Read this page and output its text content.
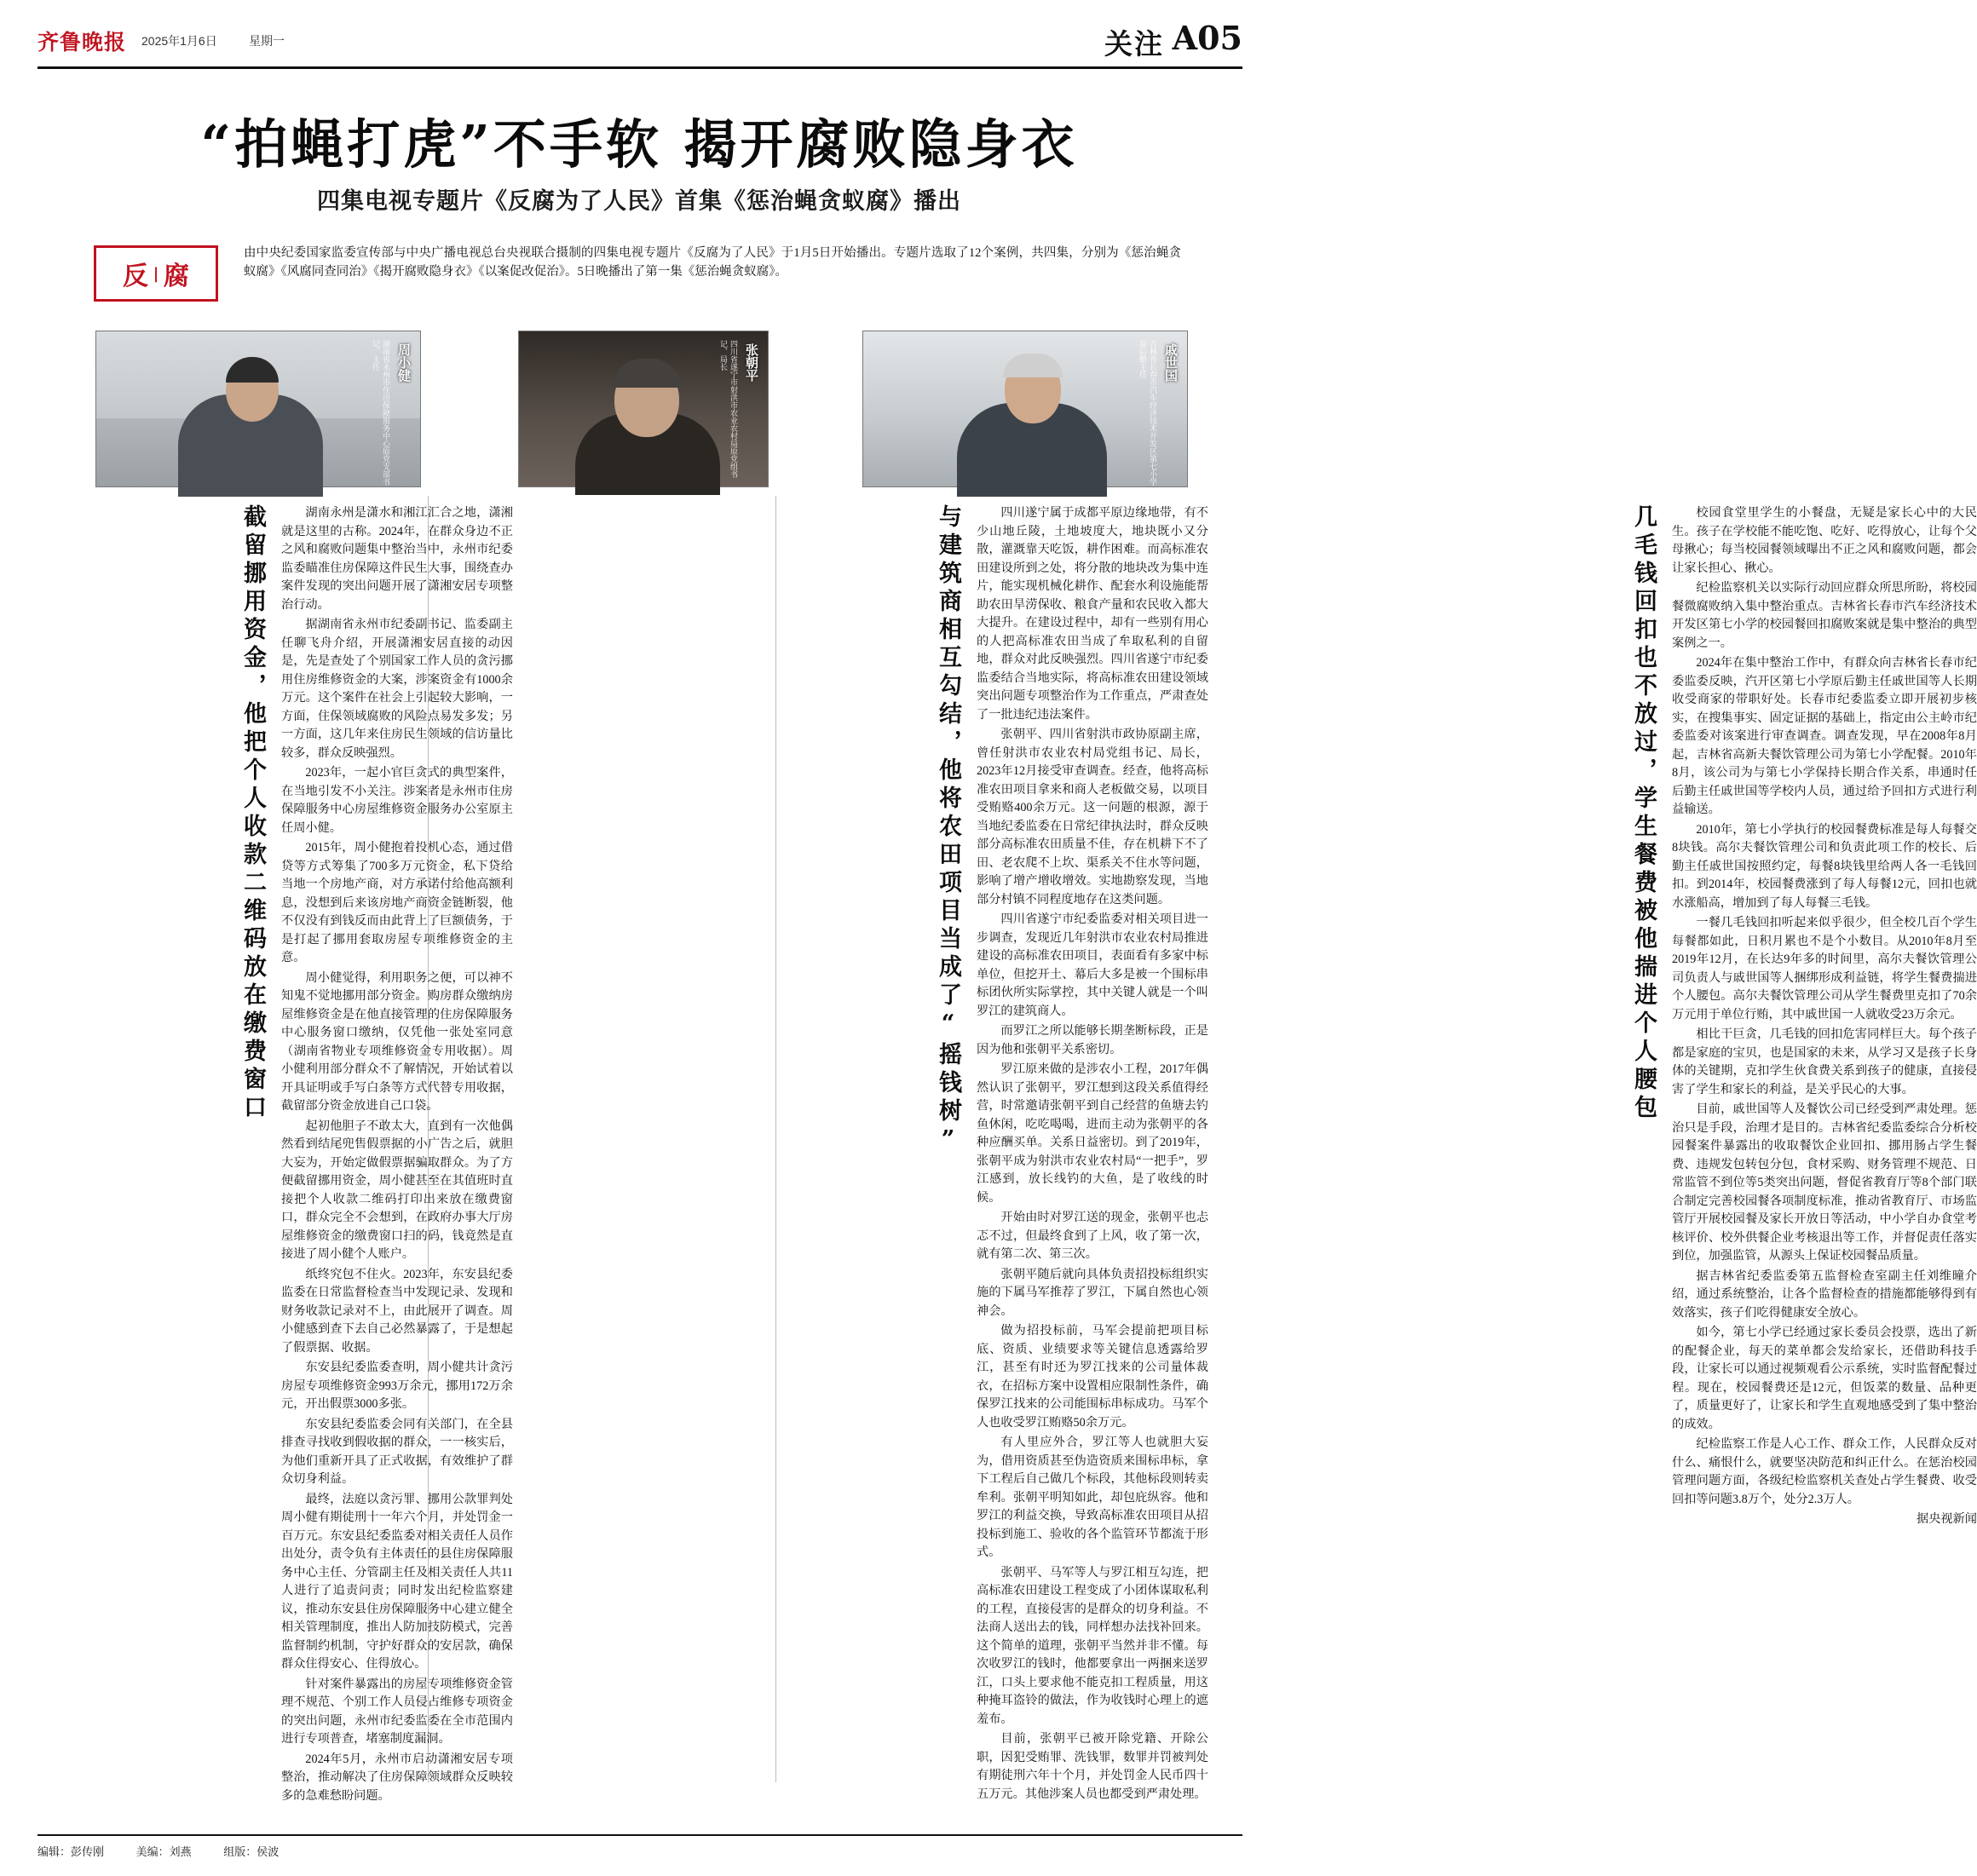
齐鲁晚报 2025年1月6日	星期一	关注 A05
“拍蝇打虎”不手软 揭开腐败隐身衣
四集电视专题片《反腐为了人民》首集《惩治蝇贪蚁腐》播出
反 | 腐
由中央纪委国家监委宣传部与中央广播电视总台央视联合摄制的四集电视专题片《反腐为了人民》于1月5日开始播出。专题片选取了12个案例，共四集，分别为《惩治蝇贪蚁腐》《风腐同查同治》《揭开腐败隐身衣》《以案促改促治》。5日晚播出了第一集《惩治蝇贪蚁腐》。
周小健
湖南省永州市住房保障服务中心原党支部书记、主任	张朝平
四川省遂宁市射洪市农业农村局原党组书记、局长	戚世国
吉林省长春市汽车经济技术开发区第七小学原后勤主任
截留挪用资金，他把个人收款二维码放在缴费窗口	湖南永州是潇水和湘江汇合之地，潇湘就是这里的古称。2024年，在群众身边不正之风和腐败问题集中整治当中，永州市纪委监委瞄准住房保障这件民生大事，围绕查办案件发现的突出问题开展了潇湘安居专项整治行动。

据湖南省永州市纪委副书记、监委副主任聊飞舟介绍，开展潇湘安居直接的动因是，先是查处了个别国家工作人员的贪污挪用住房维修资金的大案，涉案资金有1000余万元。这个案件在社会上引起较大影响，一方面，住保领域腐败的风险点易发多发；另一方面，这几年来住房民生领域的信访量比较多，群众反映强烈。

2023年，一起小官巨贪式的典型案件，在当地引发不小关注。涉案者是永州市住房保障服务中心房屋维修资金服务办公室原主任周小健。

2015年，周小健抱着投机心态，通过借贷等方式筹集了700多万元资金，私下贷给当地一个房地产商，对方承诺付给他高额利息，没想到后来该房地产商资金链断裂，他不仅没有到钱反而由此背上了巨额债务，于是打起了挪用套取房屋专项维修资金的主意。

周小健觉得，利用职务之便，可以神不知鬼不觉地挪用部分资金。购房群众缴纳房屋维修资金是在他直接管理的住房保障服务中心服务窗口缴纳，仅凭他一张处室同意（湖南省物业专项维修资金专用收据）。周小健利用部分群众不了解情况，开始试着以开具证明或手写白条等方式代替专用收据，截留部分资金放进自己口袋。

起初他胆子不敢太大，直到有一次他偶然看到结尾兜售假票据的小广告之后，就胆大妄为，开始定做假票据骗取群众。为了方便截留挪用资金，周小健甚至在其值班时直接把个人收款二维码打印出来放在缴费窗口，群众完全不会想到，在政府办事大厅房屋维修资金的缴费窗口扫的码，钱竟然是直接进了周小健个人账户。

纸终究包不住火。2023年，东安县纪委监委在日常监督检查当中发现记录、发现和财务收款记录对不上，由此展开了调查。周小健感到查下去自己必然暴露了，于是想起了假票据、收据。

东安县纪委监委查明，周小健共计贪污房屋专项维修资金993万余元，挪用172万余元，开出假票3000多张。

东安县纪委监委会同有关部门，在全县排查寻找收到假收据的群众，一一核实后，为他们重新开具了正式收据，有效维护了群众切身利益。

最终，法庭以贪污罪、挪用公款罪判处周小健有期徒刑十一年六个月，并处罚金一百万元。东安县纪委监委对相关责任人员作出处分，责令负有主体责任的县住房保障服务中心主任、分管副主任及相关责任人共11人进行了追责问责；同时发出纪检监察建议，推动东安县住房保障服务中心建立健全相关管理制度，推出人防加技防模式，完善监督制约机制，守护好群众的安居款，确保群众住得安心、住得放心。

针对案件暴露出的房屋专项维修资金管理不规范、个别工作人员侵占维修专项资金的突出问题，永州市纪委监委在全市范围内进行专项普查，堵塞制度漏洞。

2024年5月，永州市启动潇湘安居专项整治，推动解决了住房保障领域群众反映较多的急难愁盼问题。

与建筑商相互勾结，他将农田项目当成了“摇钱树”	四川遂宁属于成都平原边缘地带，有不少山地丘陵，土地坡度大，地块既小又分散，灌溉靠天吃饭，耕作困难。而高标准农田建设所到之处，将分散的地块改为集中连片，能实现机械化耕作、配套水利设施能帮助农田旱涝保收、粮食产量和农民收入都大大提升。在建设过程中，却有一些别有用心的人把高标准农田当成了牟取私利的自留地，群众对此反映强烈。四川省遂宁市纪委监委结合当地实际，将高标准农田建设领域突出问题专项整治作为工作重点，严肃查处了一批违纪违法案件。

张朝平、四川省射洪市政协原副主席，曾任射洪市农业农村局党组书记、局长，2023年12月接受审查调查。经查，他将高标准农田项目拿来和商人老板做交易，以项目受贿赂400余万元。这一问题的根源，源于当地纪委监委在日常纪律执法时，群众反映部分高标准农田质量不佳，存在机耕下不了田、老农爬不上坎、渠系关不住水等问题，影响了增产增收增效。实地勘察发现，当地部分村镇不同程度地存在这类问题。

四川省遂宁市纪委监委对相关项目进一步调查，发现近几年射洪市农业农村局推进建设的高标准农田项目，表面看有多家中标单位，但挖开土、幕后大多是被一个围标串标团伙所实际掌控，其中关键人就是一个叫罗江的建筑商人。

而罗江之所以能够长期垄断标段，正是因为他和张朝平关系密切。

罗江原来做的是涉农小工程，2017年偶然认识了张朝平，罗江想到这段关系值得经营，时常邀请张朝平到自己经营的鱼塘去钓鱼休闲，吃吃喝喝，进而主动为张朝平的各种应酬买单。关系日益密切。到了2019年，张朝平成为射洪市农业农村局“一把手”，罗江感到，放长线钓的大鱼，是了收线的时候。

开始由时对罗江送的现金，张朝平也忐忑不过，但最终食到了上风，收了第一次，就有第二次、第三次。

张朝平随后就向具体负责招投标组织实施的下属马军推荐了罗江，下属自然也心领神会。

做为招投标前，马军会提前把项目标底、资质、业绩要求等关键信息透露给罗江，甚至有时还为罗江找来的公司量体裁衣，在招标方案中设置相应限制性条件，确保罗江找来的公司能围标串标成功。马军个人也收受罗江贿赂50余万元。

有人里应外合，罗江等人也就胆大妄为，借用资质甚至伪造资质来围标串标，拿下工程后自己做几个标段，其他标段则转卖牟利。张朝平明知如此，却包庇纵容。他和罗江的利益交换，导致高标准农田项目从招投标到施工、验收的各个监管环节都流于形式。

张朝平、马军等人与罗江相互勾连，把高标准农田建设工程变成了小团体谋取私利的工程，直接侵害的是群众的切身利益。不法商人送出去的钱，同样想办法找补回来。这个简单的道理，张朝平当然并非不懂。每次收罗江的钱时，他都要拿出一两捆来送罗江，口头上要求他不能克扣工程质量，用这种掩耳盗铃的做法，作为收钱时心理上的遮羞布。

目前，张朝平已被开除党籍、开除公职，因犯受贿罪、洗钱罪，数罪并罚被判处有期徒刑六年十个月，并处罚金人民币四十五万元。其他涉案人员也都受到严肃处理。

几毛钱回扣也不放过，学生餐费被他揣进个人腰包	校园食堂里学生的小餐盘，无疑是家长心中的大民生。孩子在学校能不能吃饱、吃好、吃得放心，让每个父母揪心；每当校园餐领域曝出不正之风和腐败问题，都会让家长担心、揪心。

纪检监察机关以实际行动回应群众所思所盼，将校园餐微腐败纳入集中整治重点。吉林省长春市汽车经济技术开发区第七小学的校园餐回扣腐败案就是集中整治的典型案例之一。

2024年在集中整治工作中，有群众向吉林省长春市纪委监委反映，汽开区第七小学原后勤主任戚世国等人长期收受商家的带职好处。长春市纪委监委立即开展初步核实，在搜集事实、固定证据的基础上，指定由公主岭市纪委监委对该案进行审查调查。调查发现，早在2008年8月起，吉林省高新夫餐饮管理公司为第七小学配餐。2010年8月，该公司为与第七小学保持长期合作关系，串通时任后勤主任戚世国等学校内人员，通过给予回扣方式进行利益输送。

2010年，第七小学执行的校园餐费标准是每人每餐交8块钱。高尔夫餐饮管理公司和负责此项工作的校长、后勤主任戚世国按照约定，每餐8块钱里给两人各一毛钱回扣。到2014年，校园餐费涨到了每人每餐12元，回扣也就水涨船高，增加到了每人每餐三毛钱。

一餐几毛钱回扣听起来似乎很少，但全校几百个学生每餐都如此，日积月累也不是个小数目。从2010年8月至2019年12月，在长达9年多的时间里，高尔夫餐饮管理公司负责人与戚世国等人捆绑形成利益链，将学生餐费揣进个人腰包。高尔夫餐饮管理公司从学生餐费里克扣了70余万元用于单位行贿，其中戚世国一人就收受23万余元。

相比干巨贪，几毛钱的回扣危害同样巨大。每个孩子都是家庭的宝贝，也是国家的未来，从学习又是孩子长身体的关键期，克扣学生伙食费关系到孩子的健康，直接侵害了学生和家长的利益，是关乎民心的大事。

目前，戚世国等人及餐饮公司已经受到严肃处理。惩治只是手段，治理才是目的。吉林省纪委监委综合分析校园餐案件暴露出的收取餐饮企业回扣、挪用肠占学生餐费、违规发包转包分包，食材采购、财务管理不规范、日常监管不到位等5类突出问题，督促省教育厅等8个部门联合制定完善校园餐各项制度标准，推动省教育厅、市场监管厅开展校园餐及家长开放日等活动，中小学自办食堂考核评价、校外供餐企业考核退出等工作，并督促责任落实到位，加强监管，从源头上保证校园餐品质量。

据吉林省纪委监委第五监督检查室副主任刘维曈介绍，通过系统整治，让各个监督检查的措施都能够得到有效落实，孩子们吃得健康安全放心。

如今，第七小学已经通过家长委员会投票，选出了新的配餐企业，每天的菜单都会发给家长，还借助科技手段，让家长可以通过视频观看公示系统，实时监督配餐过程。现在，校园餐费还是12元，但饭菜的数量、品种更了，质量更好了，让家长和学生直观地感受到了集中整治的成效。

纪检监察工作是人心工作、群众工作，人民群众反对什么、痛恨什么，就要坚决防范和纠正什么。在惩治校园管理问题方面，各级纪检监察机关查处占学生餐费、收受回扣等问题3.8万个，处分2.3万人。

据央视新闻

编辑：彭传刚	美编：刘燕	组版：侯波
